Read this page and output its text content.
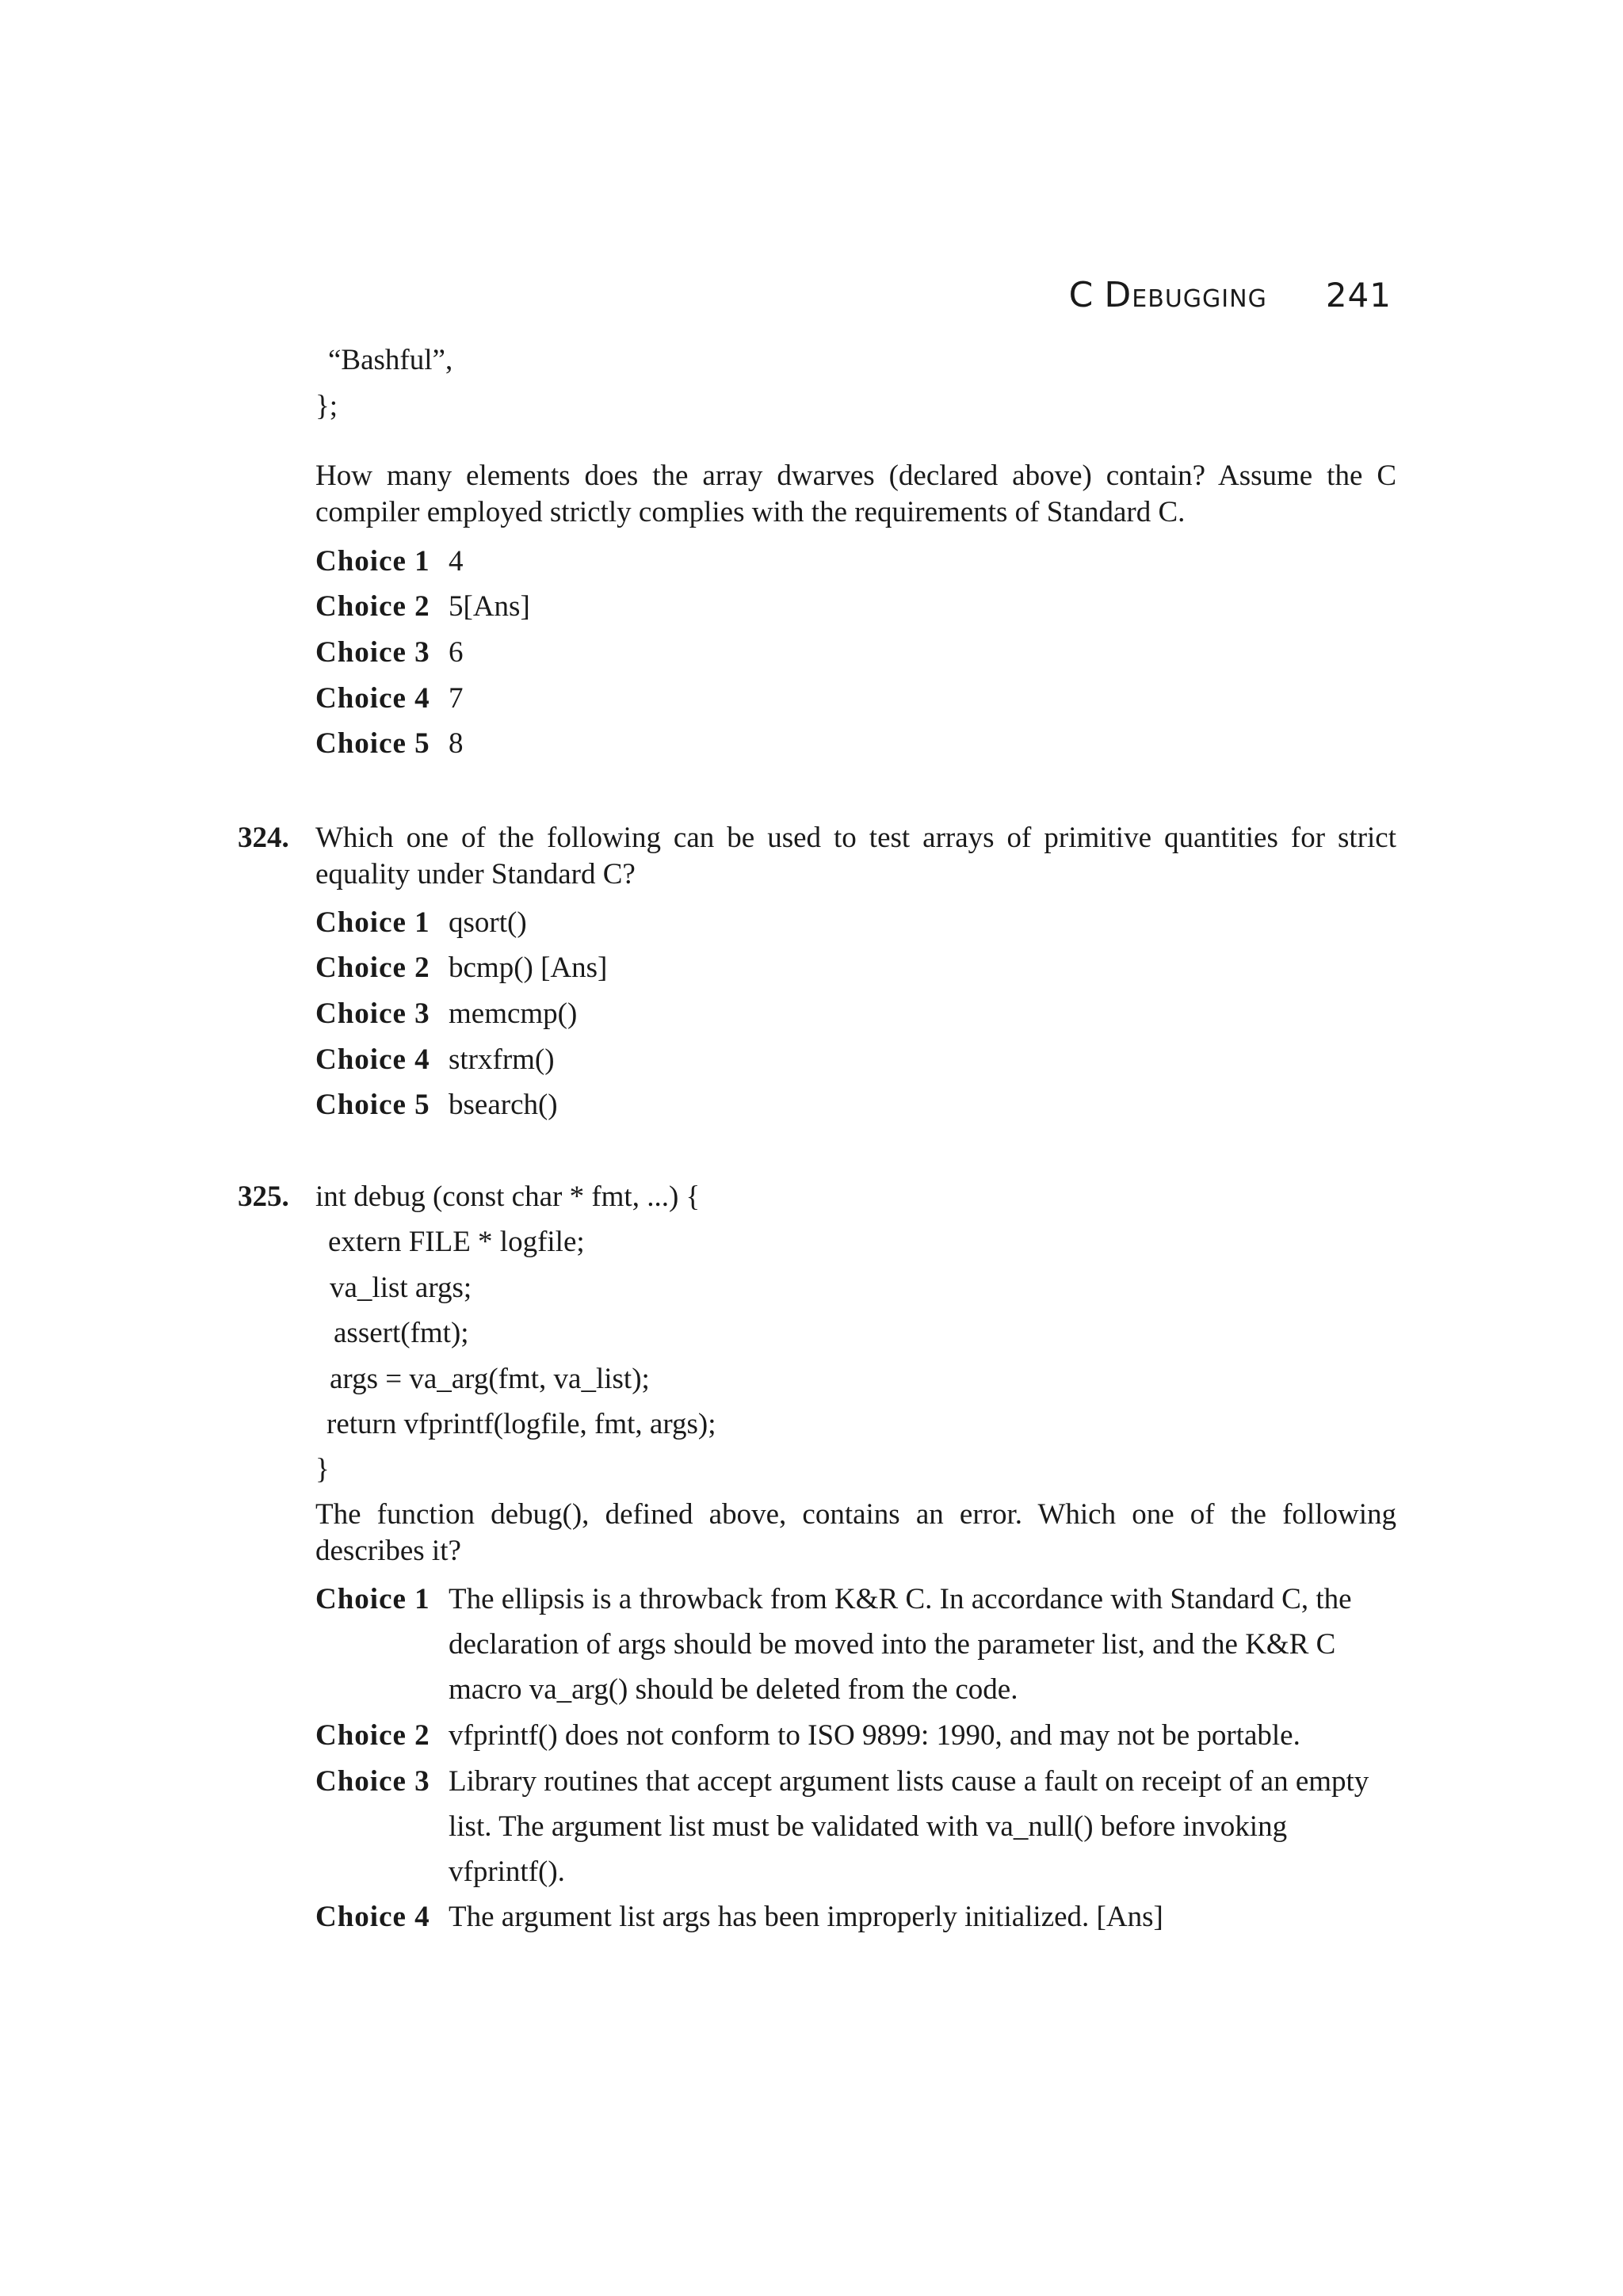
C DEBUGGING 241
“Bashful”,
};
How many elements does the array dwarves (declared above) contain? Assume the C compiler employed strictly complies with the requirements of Standard C.
Choice 1 4
Choice 2 5[Ans]
Choice 3 6
Choice 4 7
Choice 5 8
324. Which one of the following can be used to test arrays of primitive quantities for strict equality under Standard C?
Choice 1 qsort()
Choice 2 bcmp() [Ans]
Choice 3 memcmp()
Choice 4 strxfrm()
Choice 5 bsearch()
325. int debug (const char * fmt, ...) {
extern FILE * logfile;
va_list args;
assert(fmt);
args = va_arg(fmt, va_list);
return vfprintf(logfile, fmt, args);
}
The function debug(), defined above, contains an error. Which one of the following describes it?
Choice 1 The ellipsis is a throwback from K&R C. In accordance with Standard C, the declaration of args should be moved into the parameter list, and the K&R C macro va_arg() should be deleted from the code.
Choice 2 vfprintf() does not conform to ISO 9899: 1990, and may not be portable.
Choice 3 Library routines that accept argument lists cause a fault on receipt of an empty list. The argument list must be validated with va_null() before invoking vfprintf().
Choice 4 The argument list args has been improperly initialized. [Ans]
